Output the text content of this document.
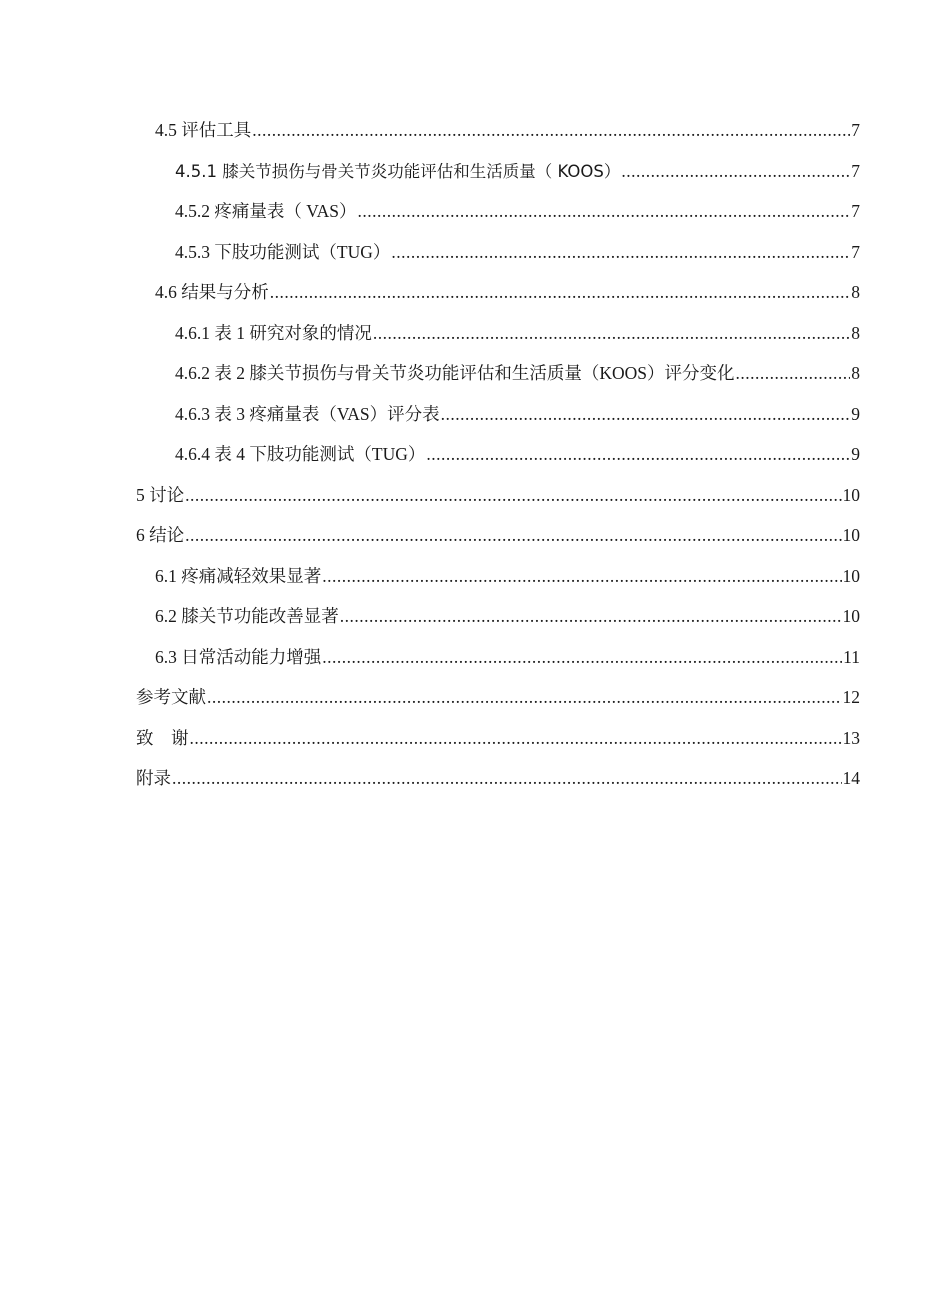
4.5 评估工具 .....	7
4.5.1 膝关节损伤与骨关节炎功能评估和生活质量（ KOOS） .....	7
4.5.2 疼痛量表（ VAS） .....	7
4.5.3 下肢功能测试（TUG） .....	7
4.6 结果与分析 .....	8
4.6.1 表 1 研究对象的情况 .....	8
4.6.2 表 2 膝关节损伤与骨关节炎功能评估和生活质量（KOOS）评分变化 .....	8
4.6.3 表 3 疼痛量表（VAS）评分表 .....	9
4.6.4 表 4 下肢功能测试（TUG） .....	9
5 讨论 .....	10
6 结论 .....	10
6.1 疼痛减轻效果显著 .....	10
6.2 膝关节功能改善显著 .....	10
6.3 日常活动能力增强 .....	11
参考文献 .....	12
致　谢 .....	13
附录 .....	14
